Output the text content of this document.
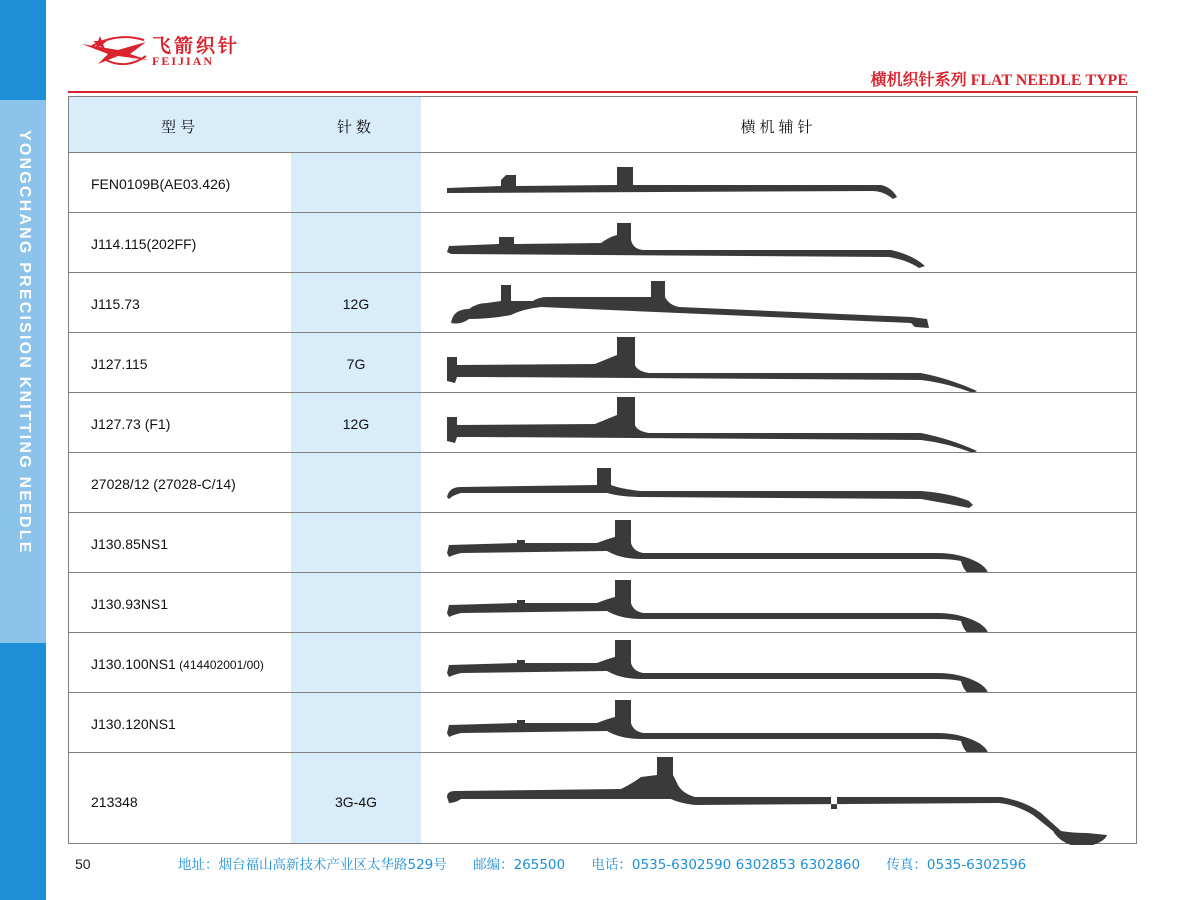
YONGCHANG PRECISION KNITTING NEEDLE
飞箭织针
FEIJIAN
横机织针系列 FLAT NEEDLE TYPE
型号	针数	横机辅针
FEN0109B(AE03.426)
J114.115(202FF)
J115.73	12G
J127.115	7G
J127.73 (F1)	12G
27028/12 (27028-C/14)
J130.85NS1
J130.93NS1
J130.100NS1 (414402001/00)
J130.120NS1
213348	3G-4G
50	地址：烟台福山高新技术产业区太华路529号 邮编：265500 电话：0535-6302590 6302853 6302860 传真：0535-6302596
